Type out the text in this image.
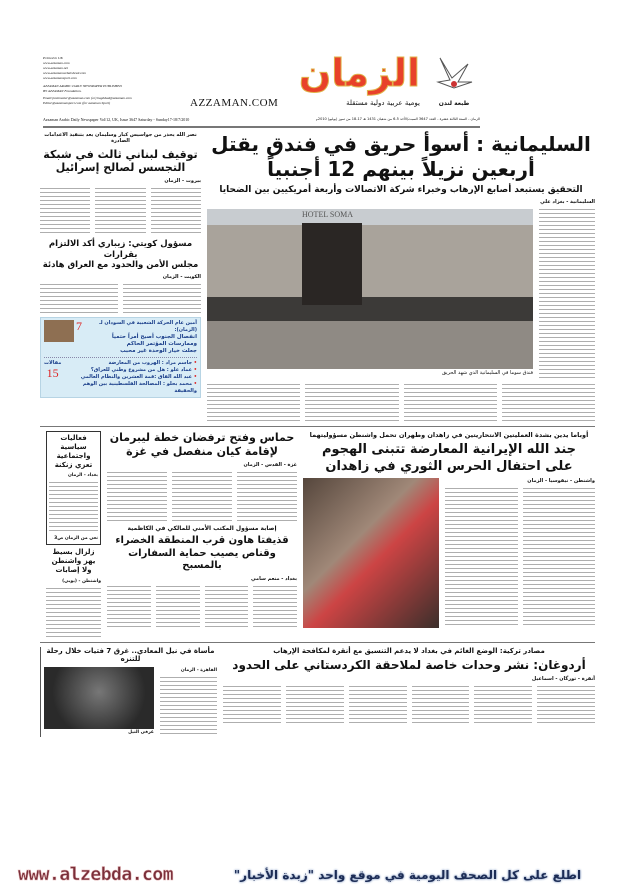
Printed in UK
www.azzaman.com
www.azzaman.net
www.azzamanwebalsheed.com
www.azzamansport.com
AZZAMAN ARABIC DAILY NEWSPAPER PUBLISHED
BY AZZAMAN Foundation.
Email:postmaster@azzaman.com (or) baghdad@azzaman.com
Editor@azzamansport.com (for azzaman Sport)
الزمان
AZZAMAN.COM	يومية عربية دولية مستقلة	طبعة لندن
Azzaman Arabic Daily Newspaper Vol/12, UK, Issue 3647 Saturday - Sunday17-18/7/2010	الزمان - السنة الثالثة عشرة - العدد 3647 السبت/الأحد 5-6 من شعبان 1431 هـ 17-18 من تموز (يوليو) 2010م
السليمانية : أسوأ حريق في فندق يقتل
أربعين نزيلاً بينهم 12 أجنبياً
التحقيق يستبعد أصابع الإرهاب وخبراء شركة الاتصالات وأربعة أمريكيين بين الضحايا
السليمانية - بغزاد علي
HOTEL SOMA
فندق سوما في السليمانية الذي شهد الحريق
نصر الله يحذر من جواسيس كبار وسليمان يعد بتنفيذ الاعدامات الصادرة
توقيف لبناني ثالث في شبكة
التجسس لصالح إسرائيل
بيروت - الزمان
مسؤول كويتي: زيباري أكد الالتزام بقرارات
مجلس الأمن والحدود مع العراق هادئة
الكويت - الزمان
أمين عام الحركة الشعبية في السودان لـ (الزمان):
انفصال الجنوب أصبح أمراً حتمياً وممارسات المؤتمر الحاكم
جعلت خيار الوحدة غير محبب
7
• جاسم مراد : الهروب من المعارضة
• عماد علو : هل من مشروع وطني للعراق؟
• عبد الله القاق :قمة العشرين والنظام العالمي
• محمد بحلو : المصالحة الفلسطينية بين الوهم والحقيقة
مقالات
15
أوباما يدين بشدة العمليتين الانتحاريتين في زاهدان وطهران تحمل واشنطن مسؤوليتهما
جند الله الإيرانية المعارضة تتبنى الهجوم
على احتفال الحرس الثوري في زاهدان
واشنطن - نيقوسيا - الزمان
حماس وفتح ترفضان خطة ليبرمان
لإقامة كيان منفصل في غزة
غزة - القدس - الزمان
إصابة مسؤول المكتب الأمني للمالكي في الكاظمية
قذيفتا هاون قرب المنطقة الخضراء
وقناص يصيب حماية السفارات بالمسبح
بغداد - منعم سامي
فعاليات سياسية واجتماعية تعزي زنكنة
بغداد - الزمان
نعي من الزمان ص3
زلزال بسيط يهز واشنطن ولا إصابات
واشنطن - (يوبي)
مصادر تركية: الوضع الغائم في بغداد لا يدعم التنسيق مع أنقرة لمكافحة الإرهاب
أردوغان: نشر وحدات خاصة لملاحقة الكردستاني على الحدود
أنقرة - تورگان - اسماعيل
مأساة في نيل المعادي.. غرق 7 فتيات خلال رحلة للتنزه
القاهرة - الزمان
غرقى النيل
www.alzebda.com	اطلع على كل الصحف اليومية في موقع واحد "زبدة الأخبار"
